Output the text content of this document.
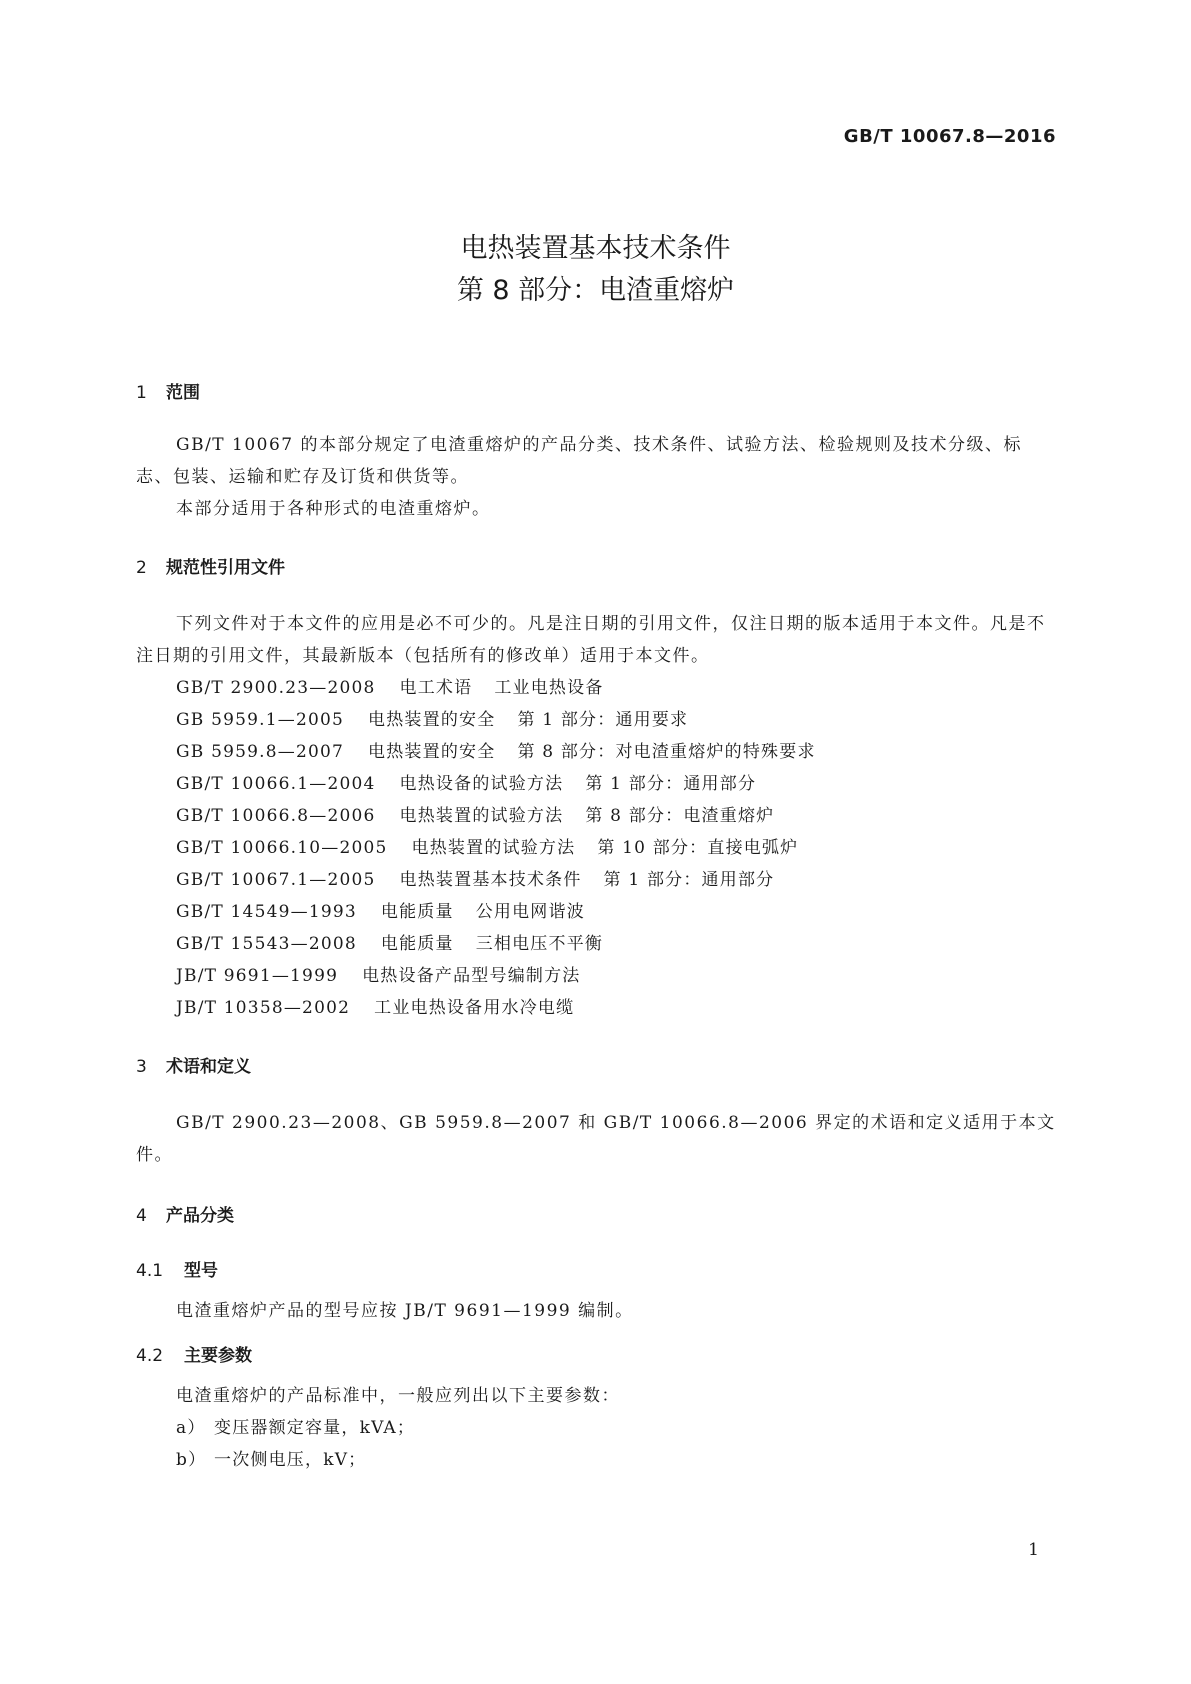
GB/T 10067.8—2016
电热装置基本技术条件
第 8 部分：电渣重熔炉
1 范围

GB/T 10067 的本部分规定了电渣重熔炉的产品分类、技术条件、试验方法、检验规则及技术分级、标志、包装、运输和贮存及订货和供货等。

本部分适用于各种形式的电渣重熔炉。

2 规范性引用文件

下列文件对于本文件的应用是必不可少的。凡是注日期的引用文件，仅注日期的版本适用于本文件。凡是不注日期的引用文件，其最新版本（包括所有的修改单）适用于本文件。

GB/T 2900.23—2008 电工术语 工业电热设备
GB 5959.1—2005 电热装置的安全 第 1 部分：通用要求
GB 5959.8—2007 电热装置的安全 第 8 部分：对电渣重熔炉的特殊要求
GB/T 10066.1—2004 电热设备的试验方法 第 1 部分：通用部分
GB/T 10066.8—2006 电热装置的试验方法 第 8 部分：电渣重熔炉
GB/T 10066.10—2005 电热装置的试验方法 第 10 部分：直接电弧炉
GB/T 10067.1—2005 电热装置基本技术条件 第 1 部分：通用部分
GB/T 14549—1993 电能质量 公用电网谐波
GB/T 15543—2008 电能质量 三相电压不平衡
JB/T 9691—1999 电热设备产品型号编制方法
JB/T 10358—2002 工业电热设备用水冷电缆
3 术语和定义

GB/T 2900.23—2008、GB 5959.8—2007 和 GB/T 10066.8—2006 界定的术语和定义适用于本文件。

4 产品分类
4.1 型号

电渣重熔炉产品的型号应按 JB/T 9691—1999 编制。

4.2 主要参数

电渣重熔炉的产品标准中，一般应列出以下主要参数：

a） 变压器额定容量，kVA；
b） 一次侧电压，kV；
1
